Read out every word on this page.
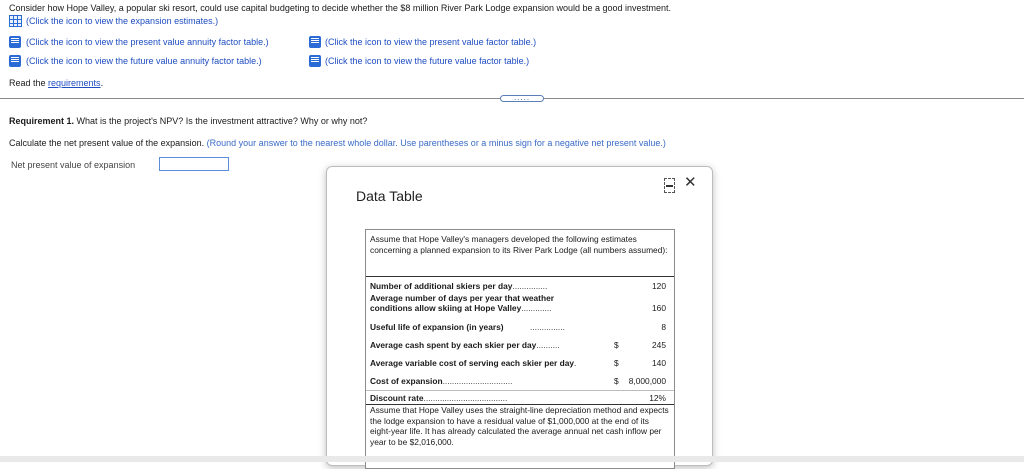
Consider how Hope Valley, a popular ski resort, could use capital budgeting to decide whether the $8 million River Park Lodge expansion would be a good investment.
(Click the icon to view the expansion estimates.)
(Click the icon to view the present value annuity factor table.)	(Click the icon to view the present value factor table.)
(Click the icon to view the future value annuity factor table.)	(Click the icon to view the future value factor table.)
Read the requirements.
.....
Requirement 1. What is the project's NPV? Is the investment attractive? Why or why not?
Calculate the net present value of the expansion. (Round your answer to the nearest whole dollar. Use parentheses or a minus sign for a negative net present value.)
Net present value of expansion
Data Table
✕
Assume that Hope Valley's managers developed the following estimates concerning a planned expansion to its River Park Lodge (all numbers assumed):
Number of additional skiers per day...............	120
Average number of days per year that weather
conditions allow skiing at Hope Valley.............	160
Useful life of expansion (in years)	...............	8
Average cash spent by each skier per day..........	$	245
Average variable cost of serving each skier per day.	$	140
Cost of expansion..............................	$ 8,000,000
Discount rate....................................	12%
Assume that Hope Valley uses the straight-line depreciation method and expects the lodge expansion to have a residual value of $1,000,000 at the end of its eight-year life. It has already calculated the average annual net cash inflow per year to be $2,016,000.
